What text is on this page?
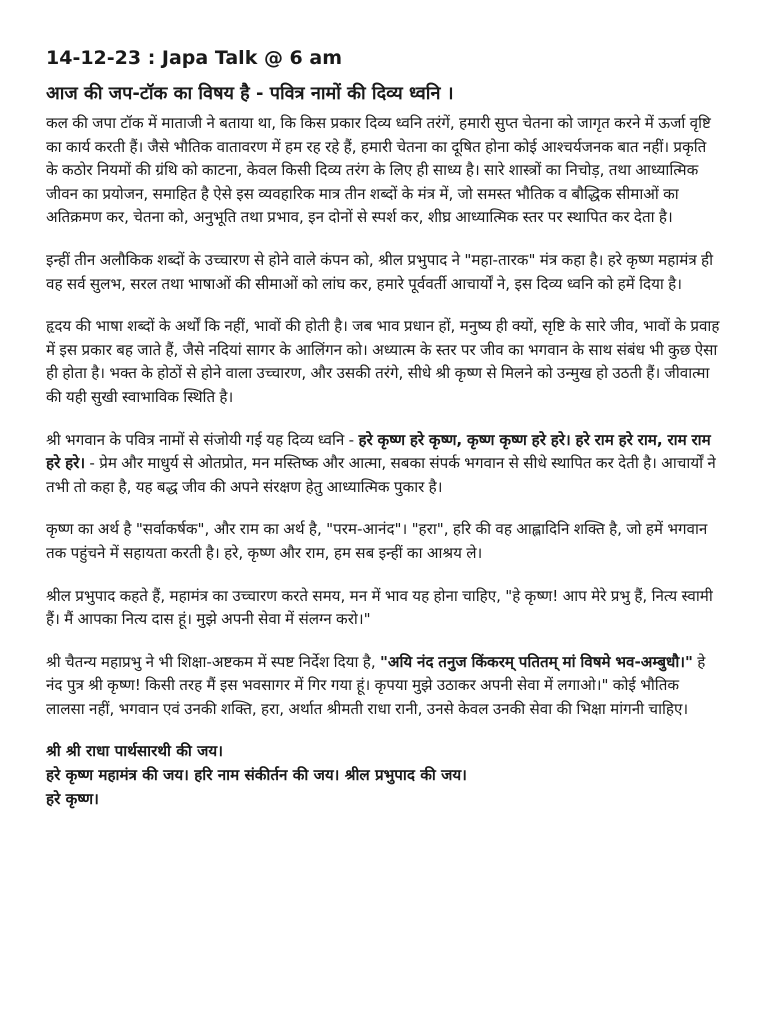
14-12-23 : Japa Talk @ 6 am
आज की जप-टॉक का विषय है - पवित्र नामों की दिव्य ध्वनि ।

कल की जपा टॉक में माताजी ने बताया था, कि किस प्रकार दिव्य ध्वनि तरंगें, हमारी सुप्त चेतना को जागृत करने में ऊर्जा वृष्टि का कार्य करती हैं। जैसे भौतिक वातावरण में हम रह रहे हैं, हमारी चेतना का दूषित होना कोई आश्चर्यजनक बात नहीं। प्रकृति के कठोर नियमों की ग्रंथि को काटना, केवल किसी दिव्य तरंग के लिए ही साध्य है। सारे शास्त्रों का निचोड़, तथा आध्यात्मिक जीवन का प्रयोजन, समाहित है ऐसे इस व्यवहारिक मात्र तीन शब्दों के मंत्र में, जो समस्त भौतिक व बौद्धिक सीमाओं का अतिक्रमण कर, चेतना को, अनुभूति तथा प्रभाव, इन दोनों से स्पर्श कर, शीघ्र आध्यात्मिक स्तर पर स्थापित कर देता है।

इन्हीं तीन अलौकिक शब्दों के उच्चारण से होने वाले कंपन को, श्रील प्रभुपाद ने "महा-तारक" मंत्र कहा है। हरे कृष्ण महामंत्र ही वह सर्व सुलभ, सरल तथा भाषाओं की सीमाओं को लांघ कर, हमारे पूर्ववर्ती आचार्यों ने, इस दिव्य ध्वनि को हमें दिया है।

हृदय की भाषा शब्दों के अर्थों कि नहीं, भावों की होती है। जब भाव प्रधान हों, मनुष्य ही क्यों, सृष्टि के सारे जीव, भावों के प्रवाह में इस प्रकार बह जाते हैं, जैसे नदियां सागर के आलिंगन को। अध्यात्म के स्तर पर जीव का भगवान के साथ संबंध भी कुछ ऐसा ही होता है। भक्त के होठों से होने वाला उच्चारण, और उसकी तरंगे, सीधे श्री कृष्ण से मिलने को उन्मुख हो उठती हैं। जीवात्मा की यही सुखी स्वाभाविक स्थिति है।

श्री भगवान के पवित्र नामों से संजोयी गई यह दिव्य ध्वनि - हरे कृष्ण हरे कृष्ण, कृष्ण कृष्ण हरे हरे। हरे राम हरे राम, राम राम हरे हरे। - प्रेम और माधुर्य से ओतप्रोत, मन मस्तिष्क और आत्मा, सबका संपर्क भगवान से सीधे स्थापित कर देती है। आचार्यों ने तभी तो कहा है, यह बद्ध जीव की अपने संरक्षण हेतु आध्यात्मिक पुकार है।

कृष्ण का अर्थ है "सर्वाकर्षक", और राम का अर्थ है, "परम-आनंद"। "हरा", हरि की वह आह्लादिनि शक्ति है, जो हमें भगवान तक पहुंचने में सहायता करती है। हरे, कृष्ण और राम, हम सब इन्हीं का आश्रय ले।

श्रील प्रभुपाद कहते हैं, महामंत्र का उच्चारण करते समय, मन में भाव यह होना चाहिए, "हे कृष्ण! आप मेरे प्रभु हैं, नित्य स्वामी हैं। मैं आपका नित्य दास हूं। मुझे अपनी सेवा में संलग्न करो।"

श्री चैतन्य महाप्रभु ने भी शिक्षा-अष्टकम में स्पष्ट निर्देश दिया है, "अयि नंद तनुज किंकरम् पतितम् मां विषमे भव-अम्बुधौ।" हे नंद पुत्र श्री कृष्ण! किसी तरह मैं इस भवसागर में गिर गया हूं। कृपया मुझे उठाकर अपनी सेवा में लगाओ।" कोई भौतिक लालसा नहीं, भगवान एवं उनकी शक्ति, हरा, अर्थात श्रीमती राधा रानी, उनसे केवल उनकी सेवा की भिक्षा मांगनी चाहिए।

श्री श्री राधा पार्थसारथी की जय।
हरे कृष्ण महामंत्र की जय। हरि नाम संकीर्तन की जय। श्रील प्रभुपाद की जय।
हरे कृष्ण।
